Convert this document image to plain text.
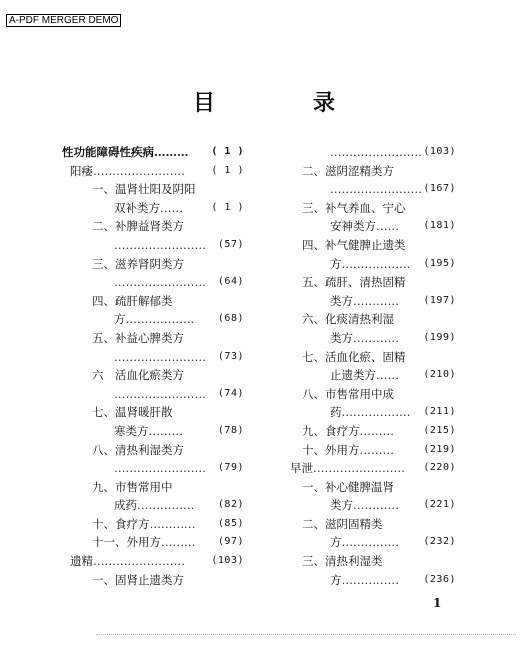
A-PDF MERGER DEMO
目　录
性功能障碍性疾病……… ( 1 )
阳痿……………………	( 1 )
一、温肾壮阳及阴阳
双补类方……	( 1 )
二、补脾益肾类方
…………………… (57)
三、滋养肾阴类方
…………………… (64)
四、疏肝解郁类
方……………… (68)
五、补益心脾类方
…………………… (73)
六　活血化瘀类方
…………………… (74)
七、温肾暖肝散
寒类方………	(78)
八、清热利湿类方
…………………… (79)
九、市售常用中
成药…………… (82)
十、食疗方………… (85)
十一、外用方……… (97)
遗精……………………	(103)
一、固肾止遗类方
…………………… (103)
二、滋阴涩精类方
…………………… (167)
三、补气养血、宁心
安神类方…… (181)
四、补气健脾止遗类
方……………… (195)
五、疏肝、清热固精
类方………… (197)
六、化痰清热利湿
类方………… (199)
七、活血化瘀、固精
止遗类方…… (210)
八、市售常用中成
药……………… (211)
九、食疗方………	(215)
十、外用方………	(219)
早泄…………………… (220)
一、补心健脾温肾
类方………… (221)
二、滋阴固精类
方…………… (232)
三、清热利湿类
方…………… (236)
1
